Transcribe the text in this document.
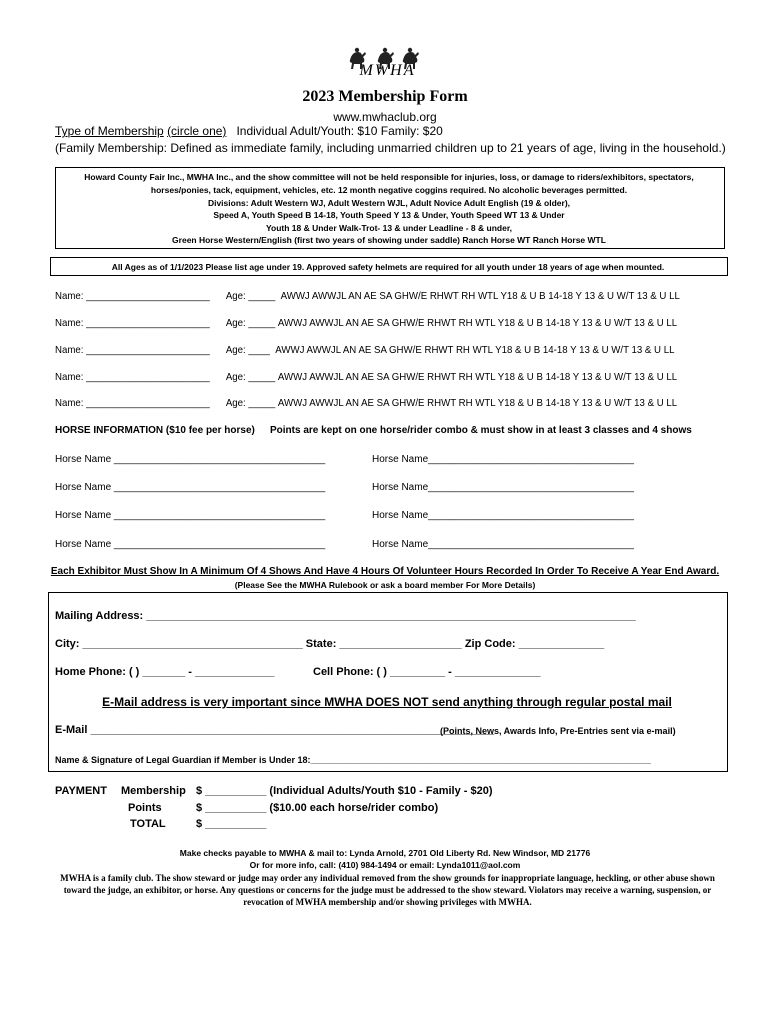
MWHA
2023 Membership Form
www.mwhaclub.org
Type of Membership (circle one) Individual Adult/Youth: $10 Family: $20
(Family Membership: Defined as immediate family, including unmarried children up to 21 years of age, living in the household.)
Howard County Fair Inc., MWHA Inc., and the show committee will not be held responsible for injuries, loss, or damage to riders/exhibitors, spectators,
horses/ponies, tack, equipment, vehicles, etc. 12 month negative coggins required. No alcoholic beverages permitted.
Divisions: Adult Western WJ, Adult Western WJL, Adult Novice Adult English (19 & older),
Speed A, Youth Speed B 14-18, Youth Speed Y 13 & Under, Youth Speed WT 13 & Under
Youth 18 & Under Walk-Trot- 13 & under Leadline - 8 & under,
Green Horse Western/English (first two years of showing under saddle) Ranch Horse WT Ranch Horse WTL
All Ages as of 1/1/2023 Please list age under 19. Approved safety helmets are required for all youth under 18 years of age when mounted.
Name: _______________________ Age: _____ AWWJ AWWJL AN AE SA GHW/E RHWT RH WTL Y18 & U B 14-18 Y 13 & U W/T 13 & U LL
Name: _______________________ Age: _____ AWWJ AWWJL AN AE SA GHW/E RHWT RH WTL Y18 & U B 14-18 Y 13 & U W/T 13 & U LL
Name: _______________________ Age: ____ AWWJ AWWJL AN AE SA GHW/E RHWT RH WTL Y18 & U B 14-18 Y 13 & U W/T 13 & U LL
Name: _______________________ Age: _____ AWWJ AWWJL AN AE SA GHW/E RHWT RH WTL Y18 & U B 14-18 Y 13 & U W/T 13 & U LL
Name: _______________________ Age: _____ AWWJ AWWJL AN AE SA GHW/E RHWT RH WTL Y18 & U B 14-18 Y 13 & U W/T 13 & U LL
HORSE INFORMATION ($10 fee per horse) Points are kept on one horse/rider combo & must show in at least 3 classes and 4 shows
Horse Name ______________________________________	Horse Name_____________________________________
Horse Name ______________________________________	Horse Name_____________________________________
Horse Name ______________________________________	Horse Name_____________________________________
Horse Name ______________________________________	Horse Name_____________________________________
Each Exhibitor Must Show In A Minimum Of 4 Shows And Have 4 Hours Of Volunteer Hours Recorded In Order To Receive A Year End Award.
(Please See the MWHA Rulebook or ask a board member For More Details)
Mailing Address: ________________________________________________________________________________
City: ____________________________________ State: ____________________ Zip Code: ______________
Home Phone: ( ) _______ - _____________	Cell Phone: ( ) _________ - ______________
E-Mail address is very important since MWHA DOES NOT send anything through regular postal mail
E-Mail __________________________________________________________________
(Points, News, Awards Info, Pre-Entries sent via e-mail)
Name & Signature of Legal Guardian if Member is Under 18:____________________________________________________________________
PAYMENT Membership $ __________ (Individual Adults/Youth $10 - Family - $20)
Points	$ __________ ($10.00 each horse/rider combo)
TOTAL	$ __________
Make checks payable to MWHA & mail to: Lynda Arnold, 2701 Old Liberty Rd. New Windsor, MD 21776
Or for more info, call: (410) 984-1494 or email: Lynda1011@aol.com
MWHA is a family club. The show steward or judge may order any individual removed from the show grounds for inappropriate language, heckling, or other abuse shown toward the judge, an exhibitor, or horse. Any questions or concerns for the judge must be addressed to the show steward. Violators may receive a warning, suspension, or revocation of MWHA membership and/or showing privileges with MWHA.
